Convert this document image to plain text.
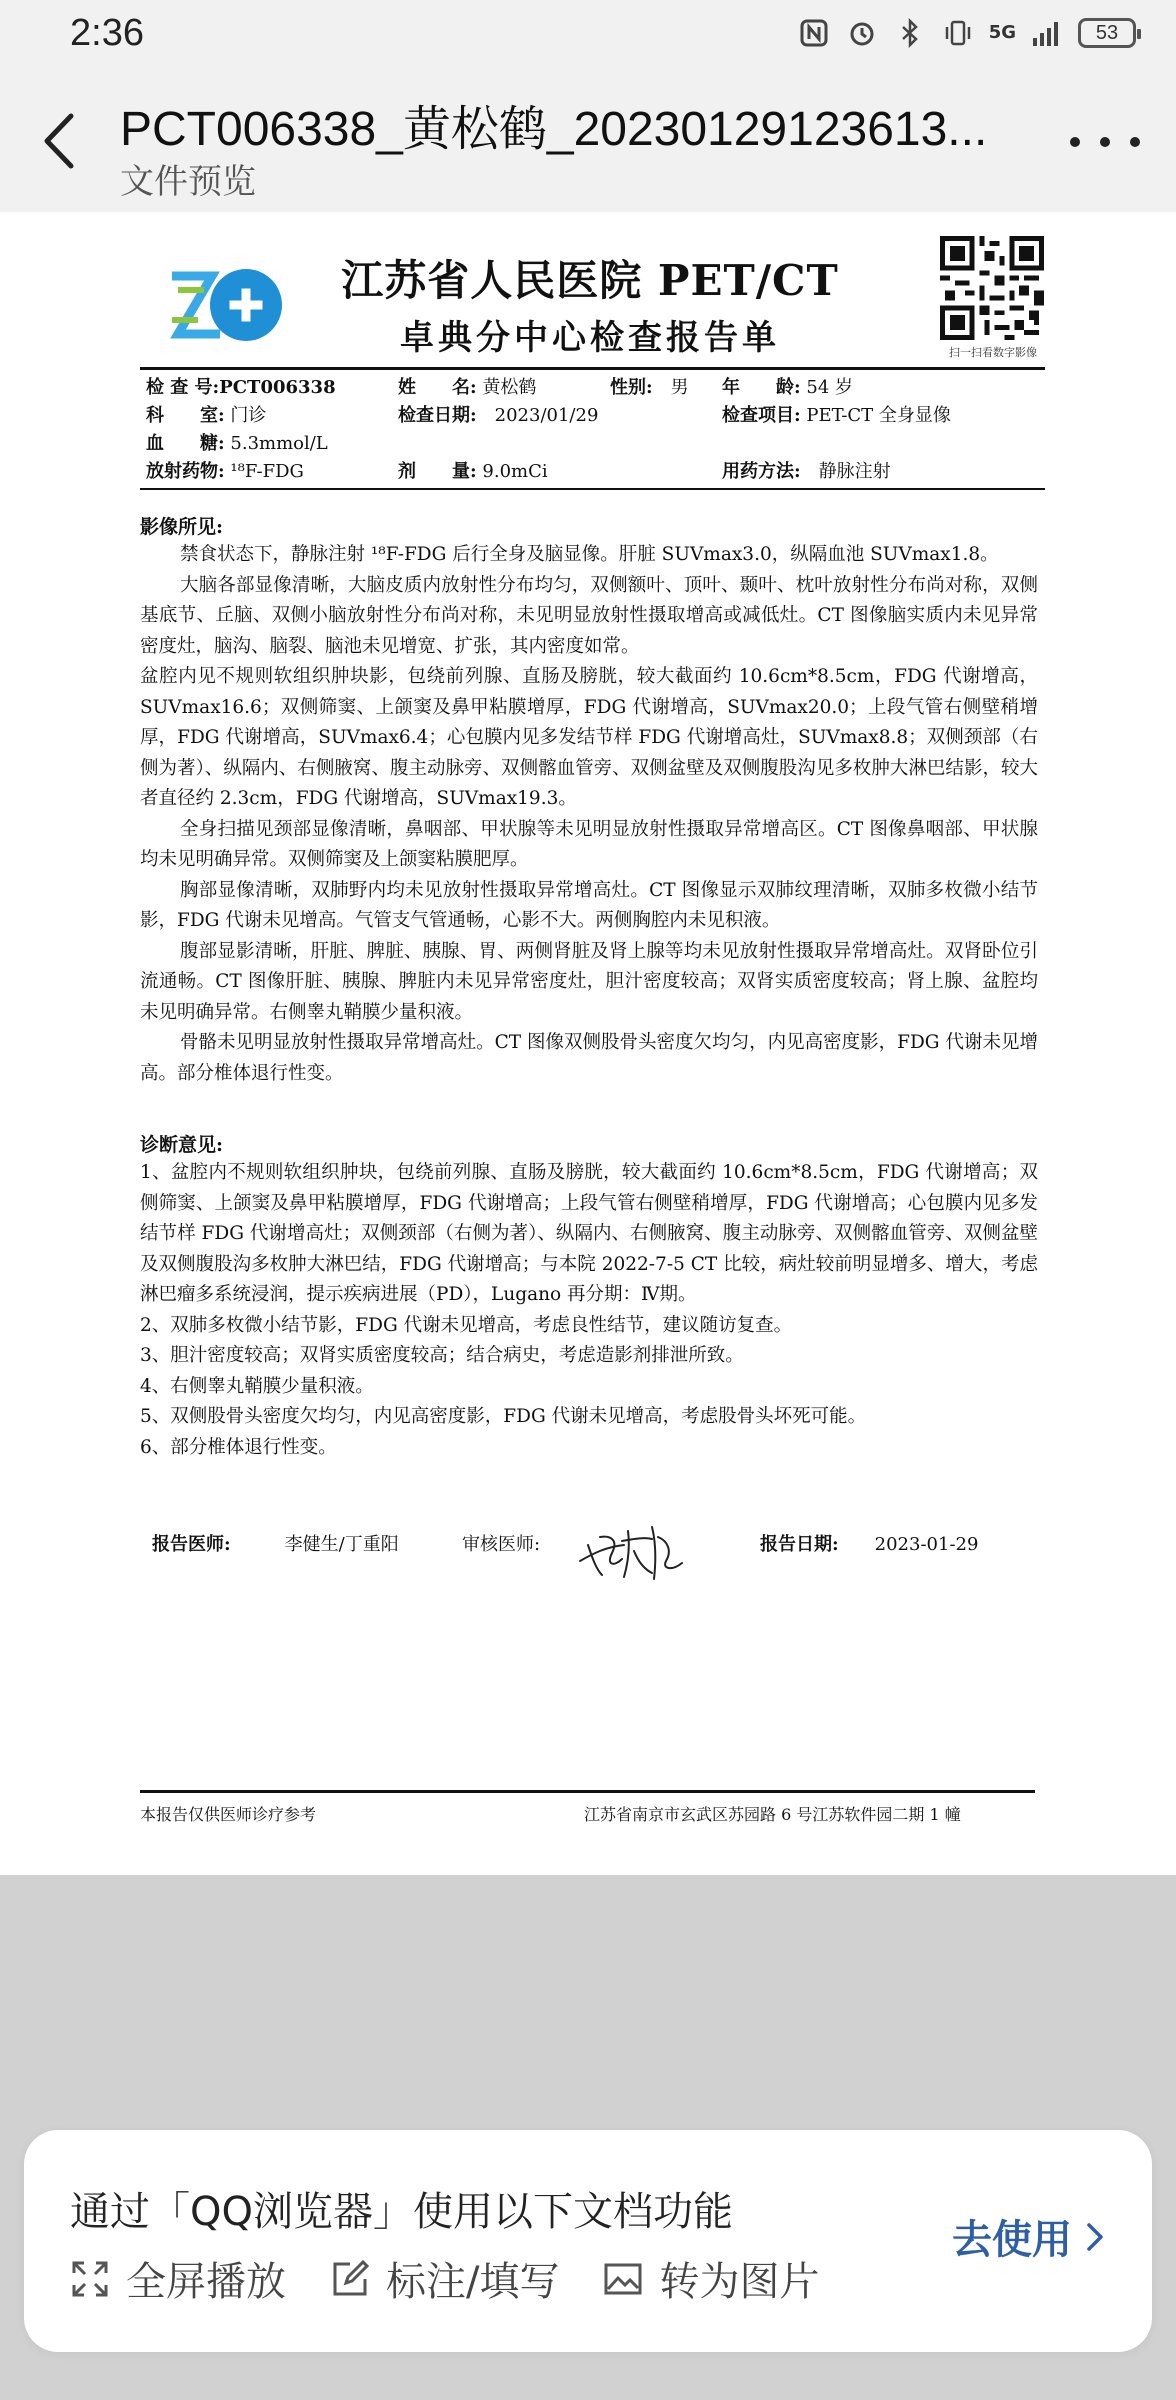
2:36	5G	53
PCT006338_黄松鹤_20230129123613...
文件预览
江苏省人民医院 PET/CT
卓典分中心检查报告单	扫一扫看数字影像
检 查 号:PCT006338	姓　　名: 黄松鹤	性别:　 男 年　　龄: 54 岁
科　　室: 门诊	检查日期:　 2023/01/29	检查项目: PET-CT 全身显像
血　　糖: 5.3mmol/L
放射药物: ¹⁸F-FDG	剂　　量: 9.0mCi	用药方法:　 静脉注射
影像所见:

禁食状态下，静脉注射 ¹⁸F-FDG 后行全身及脑显像。肝脏 SUVmax3.0，纵隔血池 SUVmax1.8。

大脑各部显像清晰，大脑皮质内放射性分布均匀，双侧额叶、顶叶、颞叶、枕叶放射性分布尚对称，双侧基底节、丘脑、双侧小脑放射性分布尚对称，未见明显放射性摄取增高或减低灶。CT 图像脑实质内未见异常密度灶，脑沟、脑裂、脑池未见增宽、扩张，其内密度如常。

盆腔内见不规则软组织肿块影，包绕前列腺、直肠及膀胱，较大截面约 10.6cm*8.5cm，FDG 代谢增高，SUVmax16.6；双侧筛窦、上颌窦及鼻甲粘膜增厚，FDG 代谢增高，SUVmax20.0；上段气管右侧壁稍增厚，FDG 代谢增高，SUVmax6.4；心包膜内见多发结节样 FDG 代谢增高灶，SUVmax8.8；双侧颈部（右侧为著）、纵隔内、右侧腋窝、腹主动脉旁、双侧髂血管旁、双侧盆壁及双侧腹股沟见多枚肿大淋巴结影，较大者直径约 2.3cm，FDG 代谢增高，SUVmax19.3。

全身扫描见颈部显像清晰，鼻咽部、甲状腺等未见明显放射性摄取异常增高区。CT 图像鼻咽部、甲状腺均未见明确异常。双侧筛窦及上颌窦粘膜肥厚。

胸部显像清晰，双肺野内均未见放射性摄取异常增高灶。CT 图像显示双肺纹理清晰，双肺多枚微小结节影，FDG 代谢未见增高。气管支气管通畅，心影不大。两侧胸腔内未见积液。

腹部显影清晰，肝脏、脾脏、胰腺、胃、两侧肾脏及肾上腺等均未见放射性摄取异常增高灶。双肾卧位引流通畅。CT 图像肝脏、胰腺、脾脏内未见异常密度灶，胆汁密度较高；双肾实质密度较高；肾上腺、盆腔均未见明确异常。右侧睾丸鞘膜少量积液。

骨骼未见明显放射性摄取异常增高灶。CT 图像双侧股骨头密度欠均匀，内见高密度影，FDG 代谢未见增高。部分椎体退行性变。

诊断意见:

1、盆腔内不规则软组织肿块，包绕前列腺、直肠及膀胱，较大截面约 10.6cm*8.5cm，FDG 代谢增高；双侧筛窦、上颌窦及鼻甲粘膜增厚，FDG 代谢增高；上段气管右侧壁稍增厚，FDG 代谢增高；心包膜内见多发结节样 FDG 代谢增高灶；双侧颈部（右侧为著）、纵隔内、右侧腋窝、腹主动脉旁、双侧髂血管旁、双侧盆壁及双侧腹股沟多枚肿大淋巴结，FDG 代谢增高；与本院 2022-7-5 CT 比较，病灶较前明显增多、增大，考虑淋巴瘤多系统浸润，提示疾病进展（PD），Lugano 再分期：Ⅳ期。

2、双肺多枚微小结节影，FDG 代谢未见增高，考虑良性结节，建议随访复查。

3、胆汁密度较高；双肾实质密度较高；结合病史，考虑造影剂排泄所致。

4、右侧睾丸鞘膜少量积液。

5、双侧股骨头密度欠均匀，内见高密度影，FDG 代谢未见增高，考虑股骨头坏死可能。

6、部分椎体退行性变。

报告医师:　　　	李健生/丁重阳	审核医师:	报告日期:　　 2023-01-29
本报告仅供医师诊疗参考	江苏省南京市玄武区苏园路 6 号江苏软件园二期 1 幢
通过「QQ浏览器」使用以下文档功能
全屏播放	标注/填写	转为图片
去使用
